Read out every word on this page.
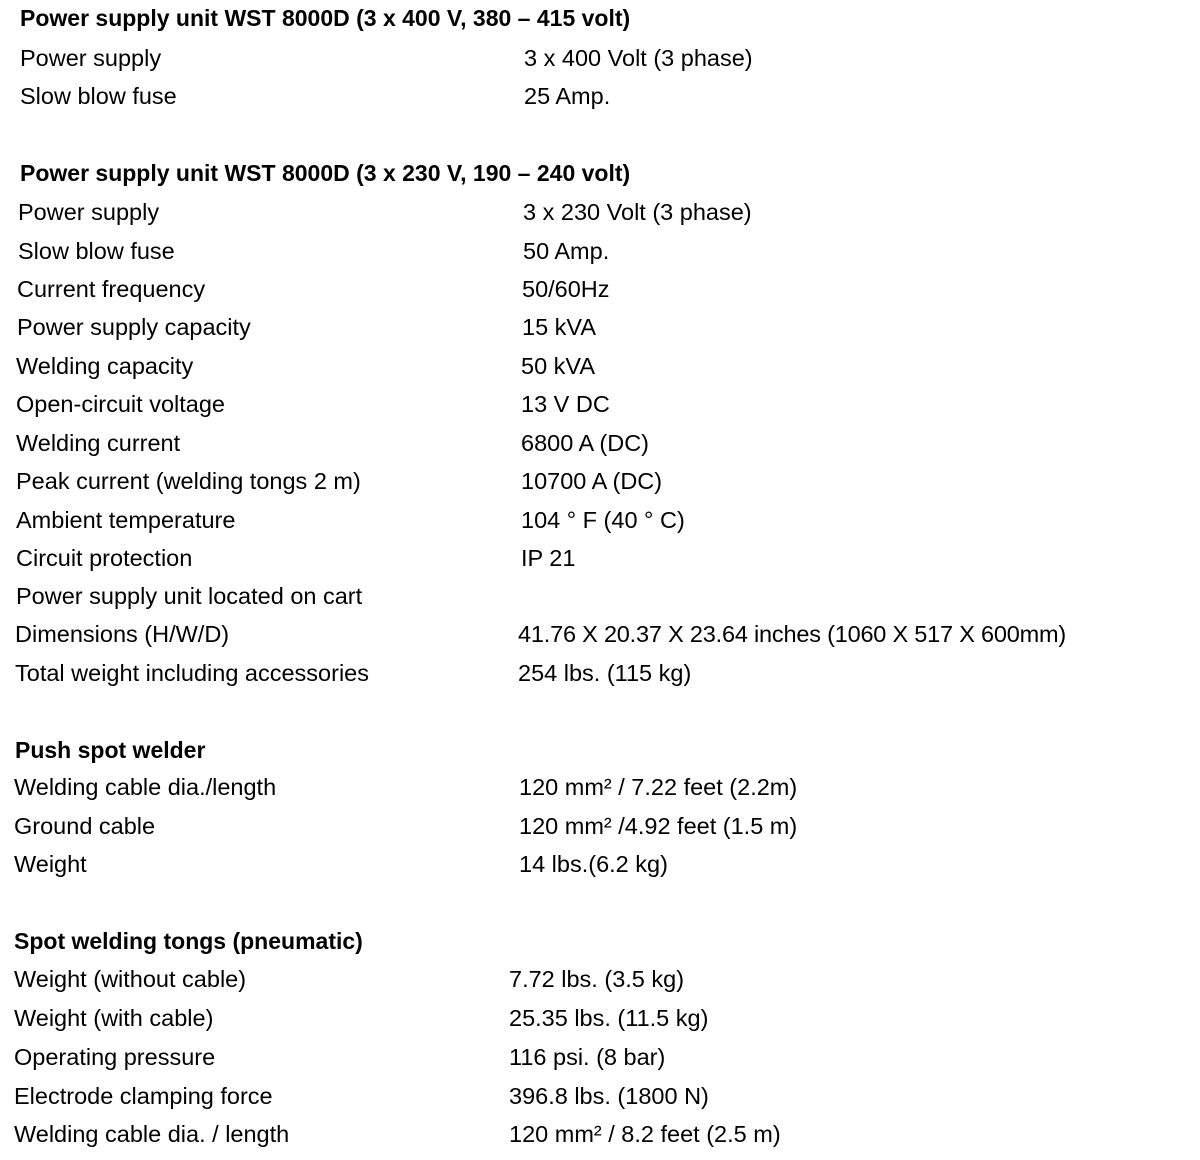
Power supply unit WST 8000D (3 x 400 V, 380 – 415 volt)
Power supply	3 x 400 Volt (3 phase)
Slow blow fuse	25 Amp.
Power supply unit WST 8000D (3 x 230 V, 190 – 240 volt)
Power supply	3 x 230 Volt (3 phase)
Slow blow fuse	50 Amp.
Current frequency	50/60Hz
Power supply capacity	15 kVA
Welding capacity	50 kVA
Open-circuit voltage	13 V DC
Welding current	6800 A (DC)
Peak current (welding tongs 2 m)	10700 A (DC)
Ambient temperature	104 ° F (40 ° C)
Circuit protection	IP 21
Power supply unit located on cart
Dimensions (H/W/D)	41.76 X 20.37 X 23.64 inches (1060 X 517 X 600mm)
Total weight including accessories	254 lbs. (115 kg)
Push spot welder
Welding cable dia./length	120 mm² / 7.22 feet (2.2m)
Ground cable	120 mm² /4.92 feet (1.5 m)
Weight	14 lbs.(6.2 kg)
Spot welding tongs (pneumatic)
Weight (without cable)	7.72 lbs. (3.5 kg)
Weight (with cable)	25.35 lbs. (11.5 kg)
Operating pressure	116 psi. (8 bar)
Electrode clamping force	396.8 lbs. (1800 N)
Welding cable dia. / length	120 mm² / 8.2 feet (2.5 m)
